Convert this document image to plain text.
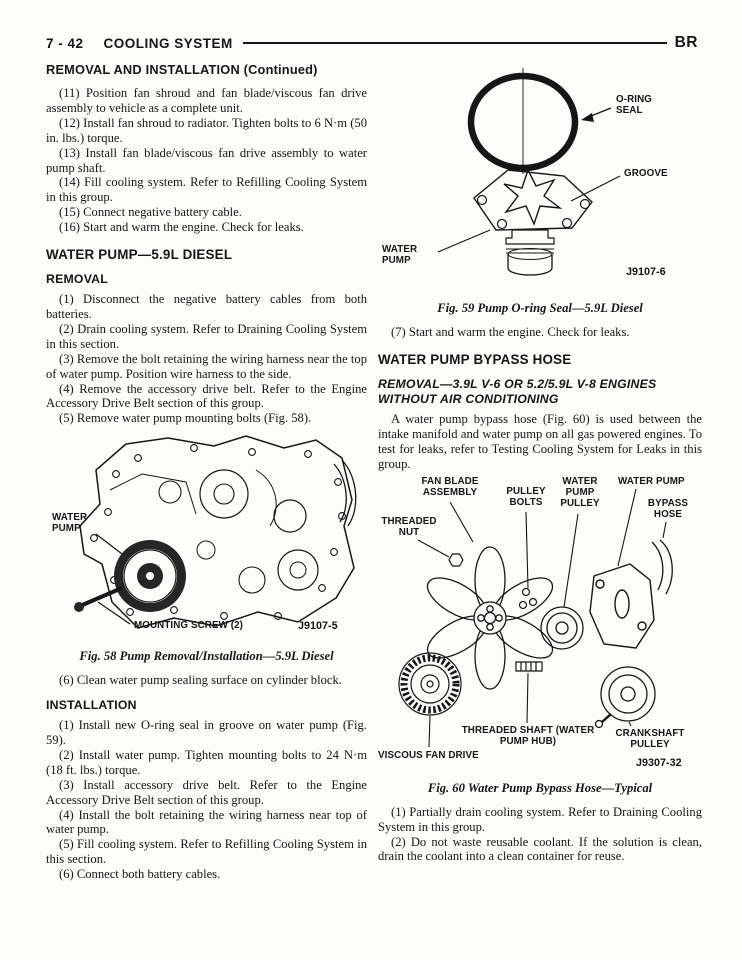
7 - 42 COOLING SYSTEM	BR
REMOVAL AND INSTALLATION (Continued)

(11) Position fan shroud and fan blade/viscous fan drive assembly to vehicle as a complete unit.

(12) Install fan shroud to radiator. Tighten bolts to 6 N·m (50 in. lbs.) torque.

(13) Install fan blade/viscous fan drive assembly to water pump shaft.

(14) Fill cooling system. Refer to Refilling Cooling System in this group.

(15) Connect negative battery cable.

(16) Start and warm the engine. Check for leaks.

WATER PUMP—5.9L DIESEL
REMOVAL

(1) Disconnect the negative battery cables from both batteries.

(2) Drain cooling system. Refer to Draining Cooling System in this section.

(3) Remove the bolt retaining the wiring harness near the top of water pump. Position wire harness to the side.

(4) Remove the accessory drive belt. Refer to the Engine Accessory Drive Belt section of this group.

(5) Remove water pump mounting bolts (Fig. 58).

WATER PUMP
MOUNTING SCREW (2)	J9107-5
Fig. 58 Pump Removal/Installation—5.9L Diesel

(6) Clean water pump sealing surface on cylinder block.

INSTALLATION

(1) Install new O-ring seal in groove on water pump (Fig. 59).

(2) Install water pump. Tighten mounting bolts to 24 N·m (18 ft. lbs.) torque.

(3) Install accessory drive belt. Refer to the Engine Accessory Drive Belt section of this group.

(4) Install the bolt retaining the wiring harness near top of water pump.

(5) Fill cooling system. Refer to Refilling Cooling System in this section.

(6) Connect both battery cables.

O-RING SEAL
GROOVE
WATER PUMP
J9107-6
Fig. 59 Pump O-ring Seal—5.9L Diesel

(7) Start and warm the engine. Check for leaks.

WATER PUMP BYPASS HOSE
REMOVAL—3.9L V-6 OR 5.2/5.9L V-8 ENGINES WITHOUT AIR CONDITIONING

A water pump bypass hose (Fig. 60) is used between the intake manifold and water pump on all gas powered engines. To test for leaks, refer to Testing Cooling System for Leaks in this group.

FAN BLADE ASSEMBLY	PULLEY BOLTS
WATER PUMP PULLEY
WATER PUMP
BYPASS HOSE
THREADED NUT
THREADED SHAFT (WATER PUMP HUB)
CRANKSHAFT PULLEY
VISCOUS FAN DRIVE
J9307-32
Fig. 60 Water Pump Bypass Hose—Typical

(1) Partially drain cooling system. Refer to Draining Cooling System in this group.

(2) Do not waste reusable coolant. If the solution is clean, drain the coolant into a clean container for reuse.
